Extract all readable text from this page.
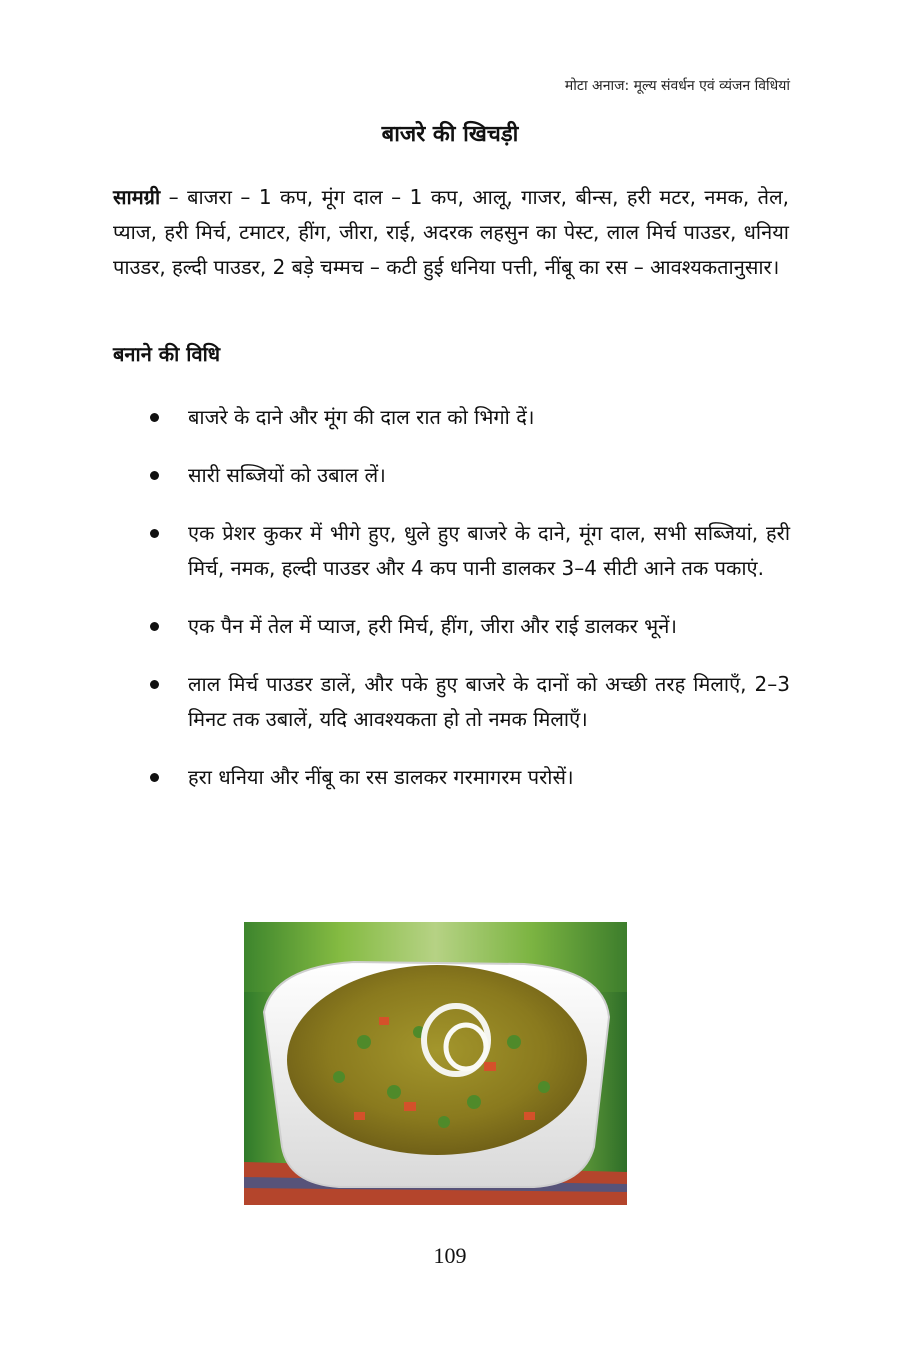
मोटा अनाज: मूल्य संवर्धन एवं व्यंजन विधियां
बाजरे की खिचड़ी
सामग्री – बाजरा – 1 कप, मूंग दाल – 1 कप, आलू, गाजर, बीन्स, हरी मटर, नमक, तेल, प्याज, हरी मिर्च, टमाटर, हींग, जीरा, राई, अदरक लहसुन का पेस्ट, लाल मिर्च पाउडर, धनिया पाउडर, हल्दी पाउडर, 2 बड़े चम्मच – कटी हुई धनिया पत्ती, नींबू का रस – आवश्यकतानुसार।
बनाने की विधि
बाजरे के दाने और मूंग की दाल रात को भिगो दें।
सारी सब्जियों को उबाल लें।
एक प्रेशर कुकर में भीगे हुए, धुले हुए बाजरे के दाने, मूंग दाल, सभी सब्जियां, हरी मिर्च, नमक, हल्दी पाउडर और 4 कप पानी डालकर 3–4 सीटी आने तक पकाएं.
एक पैन में तेल में प्याज, हरी मिर्च, हींग, जीरा और राई डालकर भूनें।
लाल मिर्च पाउडर डालें, और पके हुए बाजरे के दानों को अच्छी तरह मिलाएँ, 2–3 मिनट तक उबालें, यदि आवश्यकता हो तो नमक मिलाएँ।
हरा धनिया और नींबू का रस डालकर गरमागरम परोसें।
109
